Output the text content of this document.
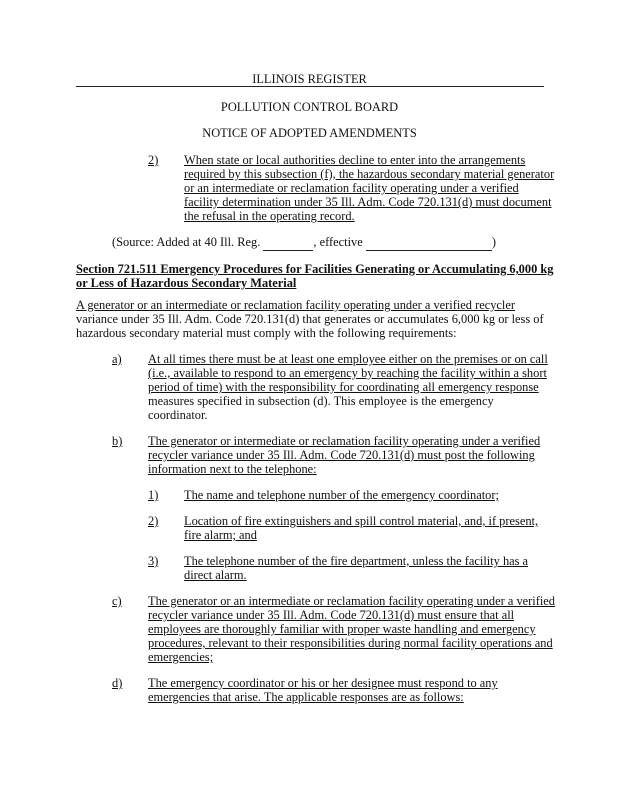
ILLINOIS REGISTER
POLLUTION CONTROL BOARD
NOTICE OF ADOPTED AMENDMENTS
2) When state or local authorities decline to enter into the arrangements
required by this subsection (f), the hazardous secondary material generator
or an intermediate or reclamation facility operating under a verified
facility determination under 35 Ill. Adm. Code 720.131(d) must document
the refusal in the operating record.
(Source: Added at 40 Ill. Reg.	, effective	)
Section 721.511 Emergency Procedures for Facilities Generating or Accumulating 6,000 kg
or Less of Hazardous Secondary Material
A generator or an intermediate or reclamation facility operating under a verified recycler
variance under 35 Ill. Adm. Code 720.131(d) that generates or accumulates 6,000 kg or less of
hazardous secondary material must comply with the following requirements:
a) At all times there must be at least one employee either on the premises or on call
(i.e., available to respond to an emergency by reaching the facility within a short
period of time) with the responsibility for coordinating all emergency response
measures specified in subsection (d). This employee is the emergency
coordinator.
b) The generator or intermediate or reclamation facility operating under a verified
recycler variance under 35 Ill. Adm. Code 720.131(d) must post the following
information next to the telephone:
1) The name and telephone number of the emergency coordinator;
2) Location of fire extinguishers and spill control material, and, if present,
fire alarm; and
3) The telephone number of the fire department, unless the facility has a
direct alarm.
c) The generator or an intermediate or reclamation facility operating under a verified
recycler variance under 35 Ill. Adm. Code 720.131(d) must ensure that all
employees are thoroughly familiar with proper waste handling and emergency
procedures, relevant to their responsibilities during normal facility operations and
emergencies;
d) The emergency coordinator or his or her designee must respond to any
emergencies that arise. The applicable responses are as follows:
